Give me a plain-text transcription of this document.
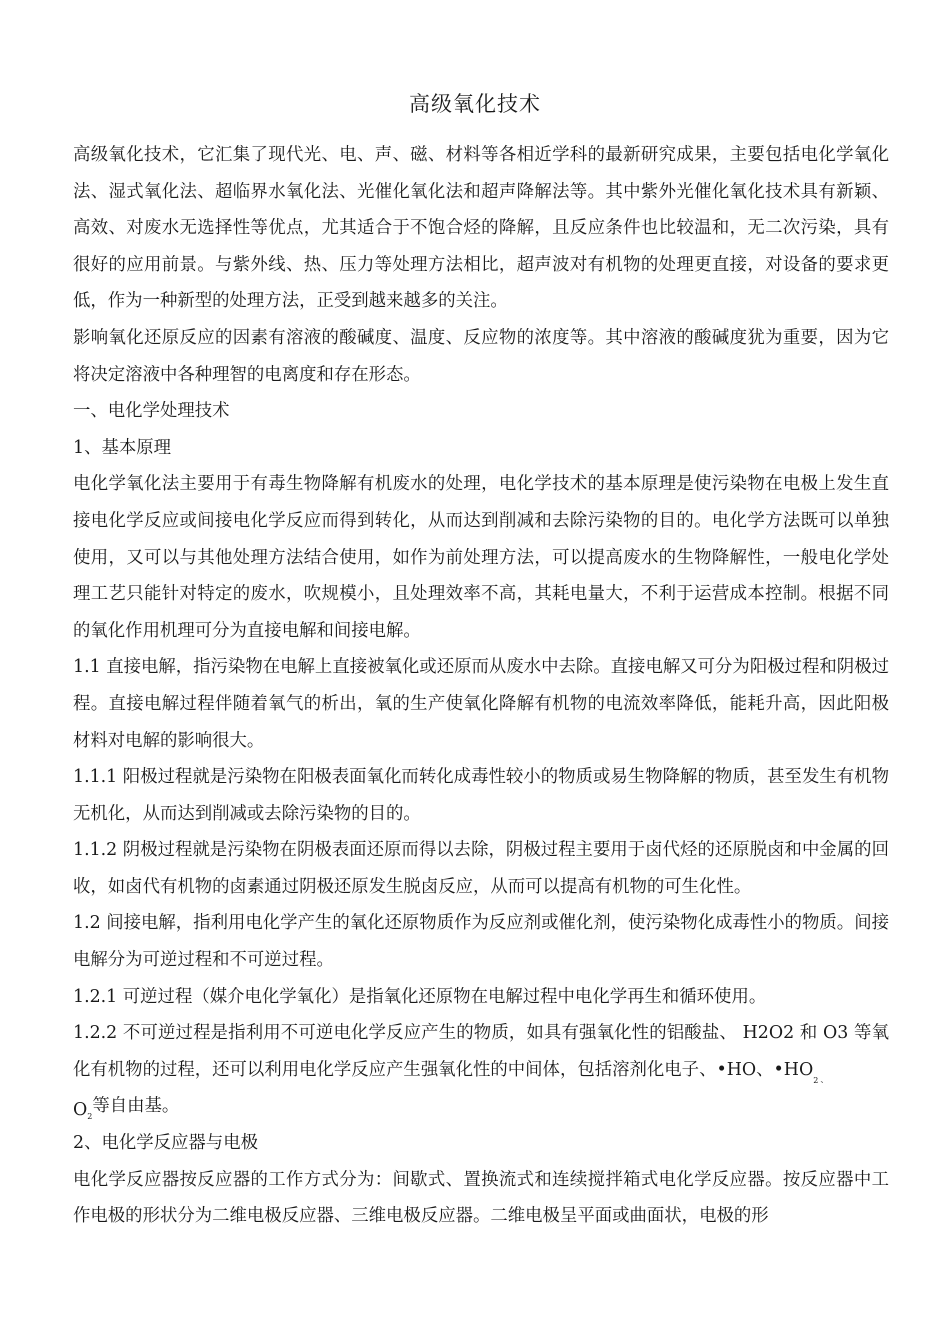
高级氧化技术

高级氧化技术，它汇集了现代光、电、声、磁、材料等各相近学科的最新研究成果，主要包括电化学氧化法、湿式氧化法、超临界水氧化法、光催化氧化法和超声降解法等。其中紫外光催化氧化技术具有新颖、高效、对废水无选择性等优点，尤其适合于不饱合烃的降解，且反应条件也比较温和，无二次污染，具有很好的应用前景。与紫外线、热、压力等处理方法相比，超声波对有机物的处理更直接，对设备的要求更低，作为一种新型的处理方法，正受到越来越多的关注。

影响氧化还原反应的因素有溶液的酸碱度、温度、反应物的浓度等。其中溶液的酸碱度犹为重要，因为它将决定溶液中各种理智的电离度和存在形态。

一、电化学处理技术

1、基本原理

电化学氧化法主要用于有毒生物降解有机废水的处理，电化学技术的基本原理是使污染物在电极上发生直接电化学反应或间接电化学反应而得到转化，从而达到削减和去除污染物的目的。电化学方法既可以单独使用，又可以与其他处理方法结合使用，如作为前处理方法，可以提高废水的生物降解性，一般电化学处理工艺只能针对特定的废水，吹规模小，且处理效率不高，其耗电量大，不利于运营成本控制。根据不同的氧化作用机理可分为直接电解和间接电解。

1.1 直接电解，指污染物在电解上直接被氧化或还原而从废水中去除。直接电解又可分为阳极过程和阴极过程。直接电解过程伴随着氧气的析出，氧的生产使氧化降解有机物的电流效率降低，能耗升高，因此阳极材料对电解的影响很大。

1.1.1 阳极过程就是污染物在阳极表面氧化而转化成毒性较小的物质或易生物降解的物质，甚至发生有机物无机化，从而达到削减或去除污染物的目的。

1.1.2 阴极过程就是污染物在阴极表面还原而得以去除，阴极过程主要用于卤代烃的还原脱卤和中金属的回收，如卤代有机物的卤素通过阴极还原发生脱卤反应，从而可以提高有机物的可生化性。

1.2 间接电解，指利用电化学产生的氧化还原物质作为反应剂或催化剂，使污染物化成毒性小的物质。间接电解分为可逆过程和不可逆过程。

1.2.1 可逆过程（媒介电化学氧化）是指氧化还原物在电解过程中电化学再生和循环使用。

1.2.2 不可逆过程是指利用不可逆电化学反应产生的物质，如具有强氧化性的铝酸盐、 H2O2 和 O3 等氧化有机物的过程，还可以利用电化学反应产生强氧化性的中间体，包括溶剂化电子、•HO、$•HO_2$ $_、$
$O_2$等自由基。

2、电化学反应器与电极

电化学反应器按反应器的工作方式分为：间歇式、置换流式和连续搅拌箱式电化学反应器。按反应器中工作电极的形状分为二维电极反应器、三维电极反应器。二维电极呈平面或曲面状，电极的形
